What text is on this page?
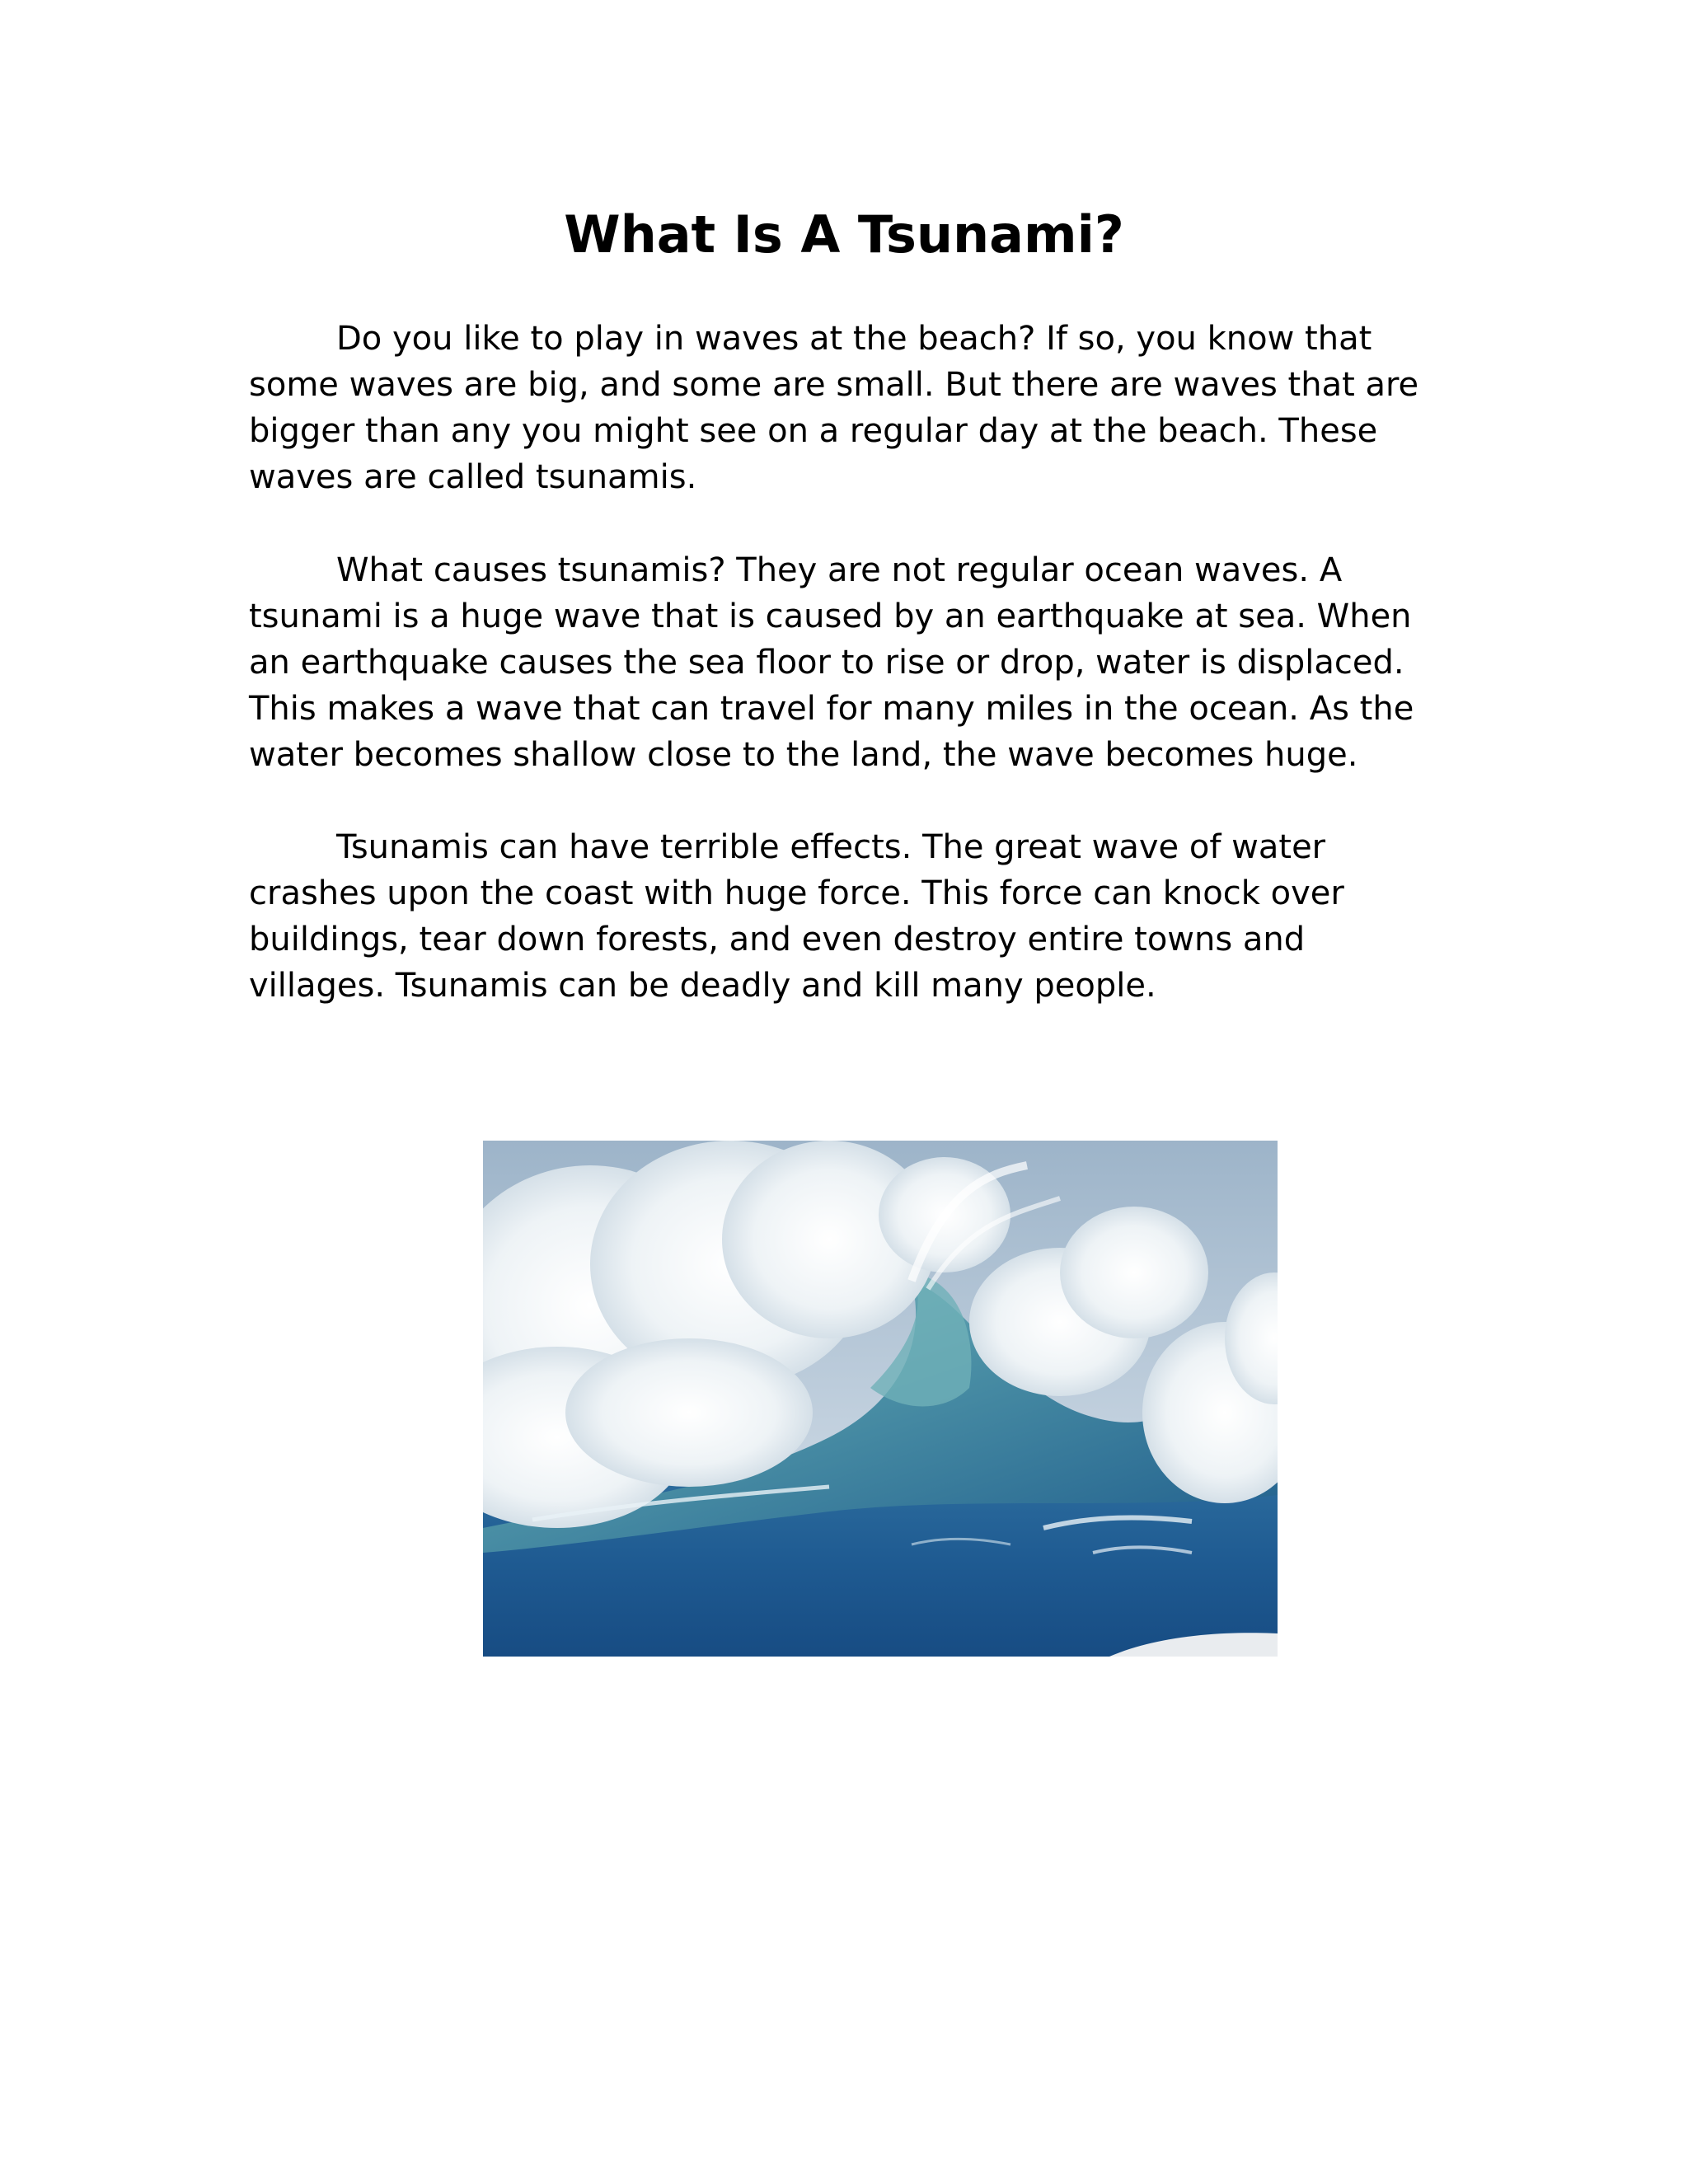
What Is A Tsunami?

Do you like to play in waves at the beach? If so, you know that some waves are big, and some are small. But there are waves that are bigger than any you might see on a regular day at the beach. These waves are called tsunamis.

What causes tsunamis? They are not regular ocean waves. A tsunami is a huge wave that is caused by an earthquake at sea. When an earthquake causes the sea floor to rise or drop, water is displaced. This makes a wave that can travel for many miles in the ocean. As the water becomes shallow close to the land, the wave becomes huge.

Tsunamis can have terrible effects. The great wave of water crashes upon the coast with huge force. This force can knock over buildings, tear down forests, and even destroy entire towns and villages. Tsunamis can be deadly and kill many people.
